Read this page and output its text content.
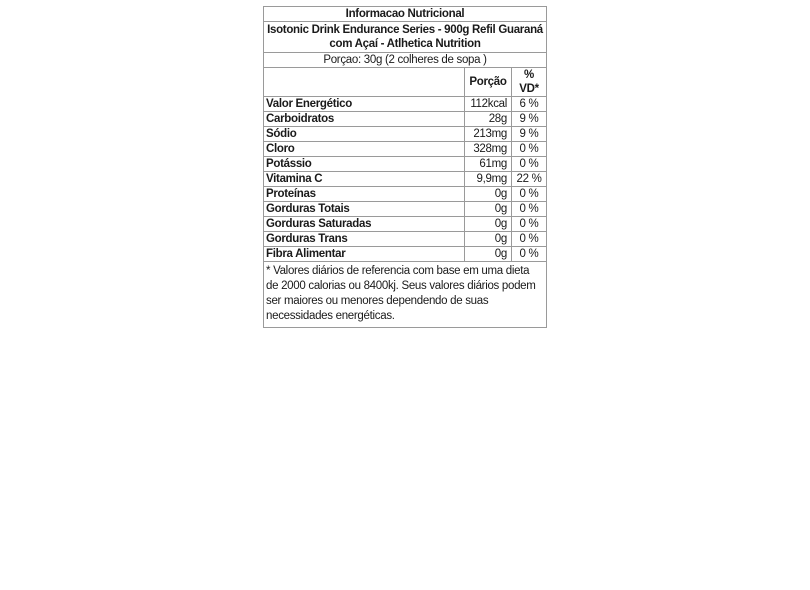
Informacao Nutricional		
Isotonic Drink Endurance Series - 900g Refil Guaraná com Açaí - Atlhetica Nutrition		
Porçao: 30g (2 colheres de sopa )		
	Porção	% VD*
Valor Energético	112kcal	6 %
Carboidratos	28g	9 %
Sódio	213mg	9 %
Cloro	328mg	0 %
Potássio	61mg	0 %
Vitamina C	9,9mg	22 %
Proteínas	0g	0 %
Gorduras Totais	0g	0 %
Gorduras Saturadas	0g	0 %
Gorduras Trans	0g	0 %
Fibra Alimentar	0g	0 %
* Valores diários de referencia com base em uma dieta de 2000 calorias ou 8400kj. Seus valores diários podem ser maiores ou menores dependendo de suas necessidades energéticas.		
